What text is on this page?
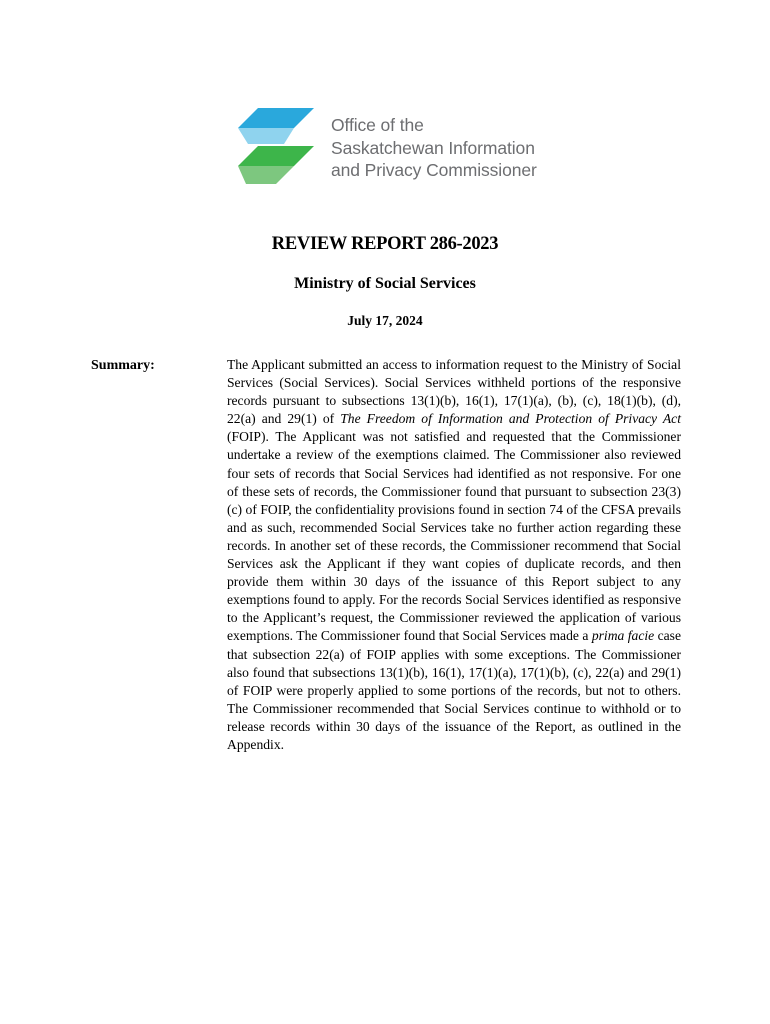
Office of the
Saskatchewan Information
and Privacy Commissioner
REVIEW REPORT 286-2023
Ministry of Social Services
July 17, 2024
Summary:	The Applicant submitted an access to information request to the Ministry of Social Services (Social Services). Social Services withheld portions of the responsive records pursuant to subsections 13(1)(b), 16(1), 17(1)(a), (b), (c), 18(1)(b), (d), 22(a) and 29(1) of The Freedom of Information and Protection of Privacy Act (FOIP). The Applicant was not satisfied and requested that the Commissioner undertake a review of the exemptions claimed. The Commissioner also reviewed four sets of records that Social Services had identified as not responsive. For one of these sets of records, the Commissioner found that pursuant to subsection 23(3)(c) of FOIP, the confidentiality provisions found in section 74 of the CFSA prevails and as such, recommended Social Services take no further action regarding these records. In another set of these records, the Commissioner recommend that Social Services ask the Applicant if they want copies of duplicate records, and then provide them within 30 days of the issuance of this Report subject to any exemptions found to apply. For the records Social Services identified as responsive to the Applicant’s request, the Commissioner reviewed the application of various exemptions. The Commissioner found that Social Services made a prima facie case that subsection 22(a) of FOIP applies with some exceptions. The Commissioner also found that subsections 13(1)(b), 16(1), 17(1)(a), 17(1)(b), (c), 22(a) and 29(1) of FOIP were properly applied to some portions of the records, but not to others. The Commissioner recommended that Social Services continue to withhold or to release records within 30 days of the issuance of the Report, as outlined in the Appendix.
